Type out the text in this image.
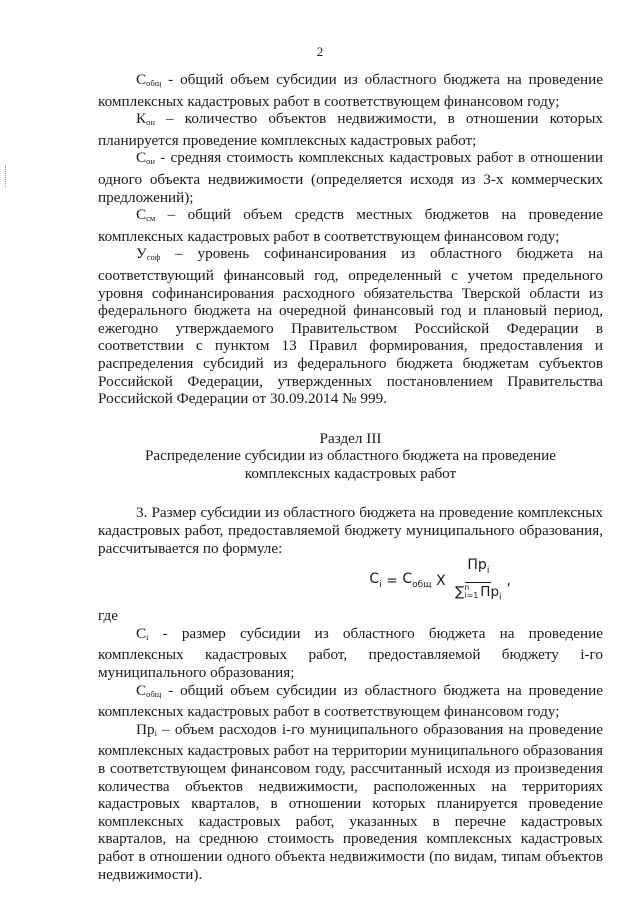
2

$С_{общ}$ - общий объем субсидии из областного бюджета на проведение комплексных кадастровых работ в соответствующем финансовом году;

$К_{он}$ – количество объектов недвижимости, в отношении которых планируется проведение комплексных кадастровых работ;

$С_{он}$ - средняя стоимость комплексных кадастровых работ в отношении одного объекта недвижимости (определяется исходя из 3-х коммерческих предложений);

$С_{см}$ – общий объем средств местных бюджетов на проведение комплексных кадастровых работ в соответствующем финансовом году;

$У_{соф}$ – уровень софинансирования из областного бюджета на соответствующий финансовый год, определенный с учетом предельного уровня софинансирования расходного обязательства Тверской области из федерального бюджета на очередной финансовый год и плановый период, ежегодно утверждаемого Правительством Российской Федерации в соответствии с пунктом 13 Правил формирования, предоставления и распределения субсидий из федерального бюджета бюджетам субъектов Российской Федерации, утвержденных постановлением Правительства Российской Федерации от 30.09.2014 № 999.

Раздел III

Распределение субсидии из областного бюджета на проведение комплексных кадастровых работ

3. Размер субсидии из областного бюджета на проведение комплексных кадастровых работ, предоставляемой бюджету муниципального образования, рассчитывается по формуле:

$C_i = C_{общ}$ X $Пр_i$
∑ n
i=1 $Пр_i$ ,

где

$С_i$ - размер субсидии из областного бюджета на проведение комплексных кадастровых работ, предоставляемой бюджету i-го муниципального образования;

$С_{общ}$ - общий объем субсидии из областного бюджета на проведение комплексных кадастровых работ в соответствующем финансовом году;

$Пр_i$ – объем расходов i-го муниципального образования на проведение комплексных кадастровых работ на территории муниципального образования в соответствующем финансовом году, рассчитанный исходя из произведения количества объектов недвижимости, расположенных на территориях кадастровых кварталов, в отношении которых планируется проведение комплексных кадастровых работ, указанных в перечне кадастровых кварталов, на среднюю стоимость проведения комплексных кадастровых работ в отношении одного объекта недвижимости (по видам, типам объектов недвижимости).
